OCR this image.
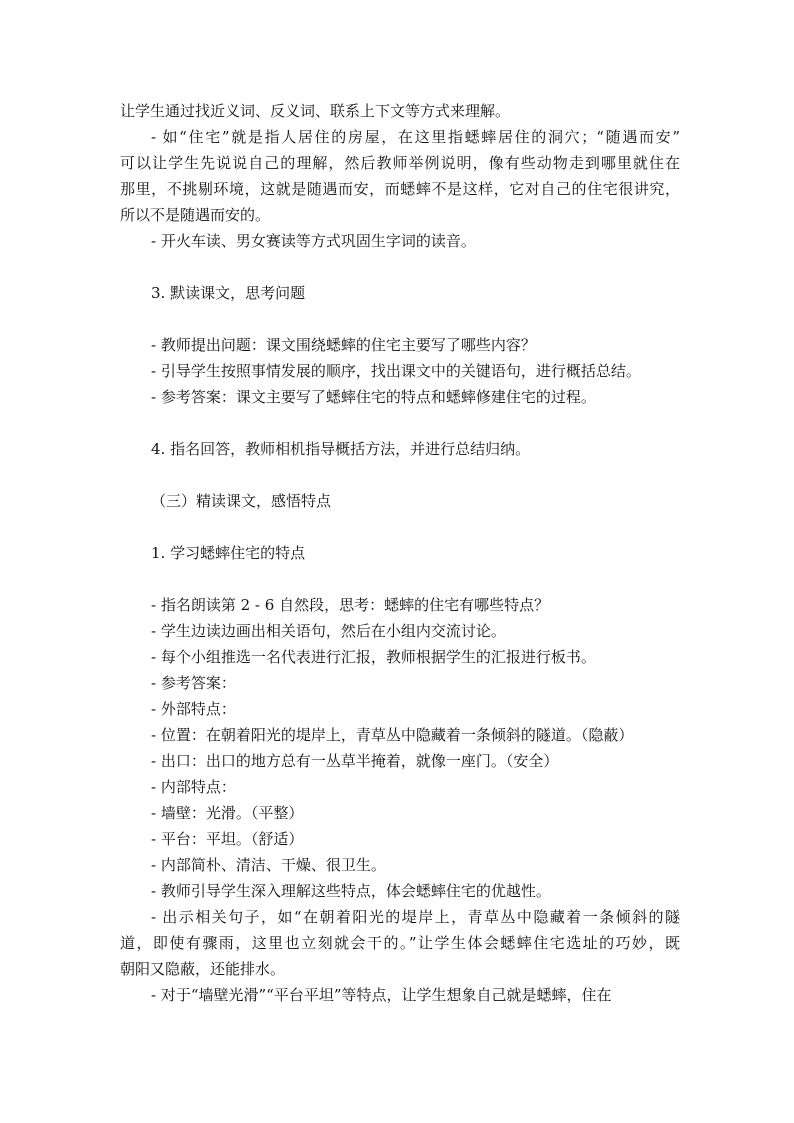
让学生通过找近义词、反义词、联系上下文等方式来理解。
- 如“住宅”就是指人居住的房屋，在这里指蟋蟀居住的洞穴；“随遇而安”
可以让学生先说说自己的理解，然后教师举例说明，像有些动物走到哪里就住在
那里，不挑剔环境，这就是随遇而安，而蟋蟀不是这样，它对自己的住宅很讲究，
所以不是随遇而安的。
- 开火车读、男女赛读等方式巩固生字词的读音。
3. 默读课文，思考问题
- 教师提出问题：课文围绕蟋蟀的住宅主要写了哪些内容？
- 引导学生按照事情发展的顺序，找出课文中的关键语句，进行概括总结。
- 参考答案：课文主要写了蟋蟀住宅的特点和蟋蟀修建住宅的过程。
4. 指名回答，教师相机指导概括方法，并进行总结归纳。
（三）精读课文，感悟特点
1. 学习蟋蟀住宅的特点
- 指名朗读第 2 - 6 自然段，思考：蟋蟀的住宅有哪些特点？
- 学生边读边画出相关语句，然后在小组内交流讨论。
- 每个小组推选一名代表进行汇报，教师根据学生的汇报进行板书。
- 参考答案：
- 外部特点：
- 位置：在朝着阳光的堤岸上，青草丛中隐藏着一条倾斜的隧道。（隐蔽）
- 出口：出口的地方总有一丛草半掩着，就像一座门。（安全）
- 内部特点：
- 墙壁：光滑。（平整）
- 平台：平坦。（舒适）
- 内部简朴、清洁、干燥、很卫生。
- 教师引导学生深入理解这些特点，体会蟋蟀住宅的优越性。
- 出示相关句子，如“在朝着阳光的堤岸上，青草丛中隐藏着一条倾斜的隧
道，即使有骤雨，这里也立刻就会干的。”让学生体会蟋蟀住宅选址的巧妙，既
朝阳又隐蔽，还能排水。
- 对于“墙壁光滑”“平台平坦”等特点，让学生想象自己就是蟋蟀，住在
